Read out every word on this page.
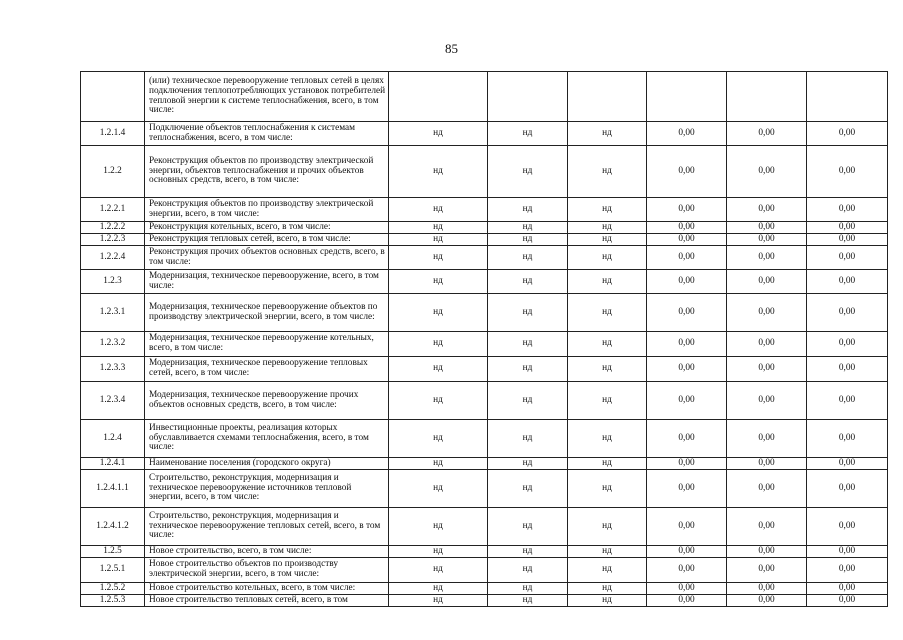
85
	(или) техническое перевооружение тепловых сетей в целях подключения теплопотребляющих установок потребителей тепловой энергии к системе теплоснабжения, всего, в том числе:						
1.2.1.4	Подключение объектов теплоснабжения к системам теплоснабжения, всего, в том числе:	нд	нд	нд	0,00	0,00	0,00
1.2.2	Реконструкция объектов по производству электрической энергии, объектов теплоснабжения и прочих объектов основных средств, всего, в том числе:	нд	нд	нд	0,00	0,00	0,00
1.2.2.1	Реконструкция объектов по производству электрической энергии, всего, в том числе:	нд	нд	нд	0,00	0,00	0,00
1.2.2.2	Реконструкция котельных, всего, в том числе:	нд	нд	нд	0,00	0,00	0,00
1.2.2.3	Реконструкция тепловых сетей, всего, в том числе:	нд	нд	нд	0,00	0,00	0,00
1.2.2.4	Реконструкция прочих объектов основных средств, всего, в том числе:	нд	нд	нд	0,00	0,00	0,00
1.2.3	Модернизация, техническое перевооружение, всего, в том числе:	нд	нд	нд	0,00	0,00	0,00
1.2.3.1	Модернизация, техническое перевооружение объектов по производству электрической энергии, всего, в том числе:	нд	нд	нд	0,00	0,00	0,00
1.2.3.2	Модернизация, техническое перевооружение котельных, всего, в том числе:	нд	нд	нд	0,00	0,00	0,00
1.2.3.3	Модернизация, техническое перевооружение тепловых сетей, всего, в том числе:	нд	нд	нд	0,00	0,00	0,00
1.2.3.4	Модернизация, техническое перевооружение прочих объектов основных средств, всего, в том числе:	нд	нд	нд	0,00	0,00	0,00
1.2.4	Инвестиционные проекты, реализация которых обуславливается схемами теплоснабжения, всего, в том числе:	нд	нд	нд	0,00	0,00	0,00
1.2.4.1	Наименование поселения (городского округа)	нд	нд	нд	0,00	0,00	0,00
1.2.4.1.1	Строительство, реконструкция, модернизация и техническое перевооружение источников тепловой энергии, всего, в том числе:	нд	нд	нд	0,00	0,00	0,00
1.2.4.1.2	Строительство, реконструкция, модернизация и техническое перевооружение тепловых сетей, всего, в том числе:	нд	нд	нд	0,00	0,00	0,00
1.2.5	Новое строительство, всего, в том числе:	нд	нд	нд	0,00	0,00	0,00
1.2.5.1	Новое строительство объектов по производству электрической энергии, всего, в том числе:	нд	нд	нд	0,00	0,00	0,00
1.2.5.2	Новое строительство котельных, всего, в том числе:	нд	нд	нд	0,00	0,00	0,00
1.2.5.3	Новое строительство тепловых сетей, всего, в том	нд	нд	нд	0,00	0,00	0,00
